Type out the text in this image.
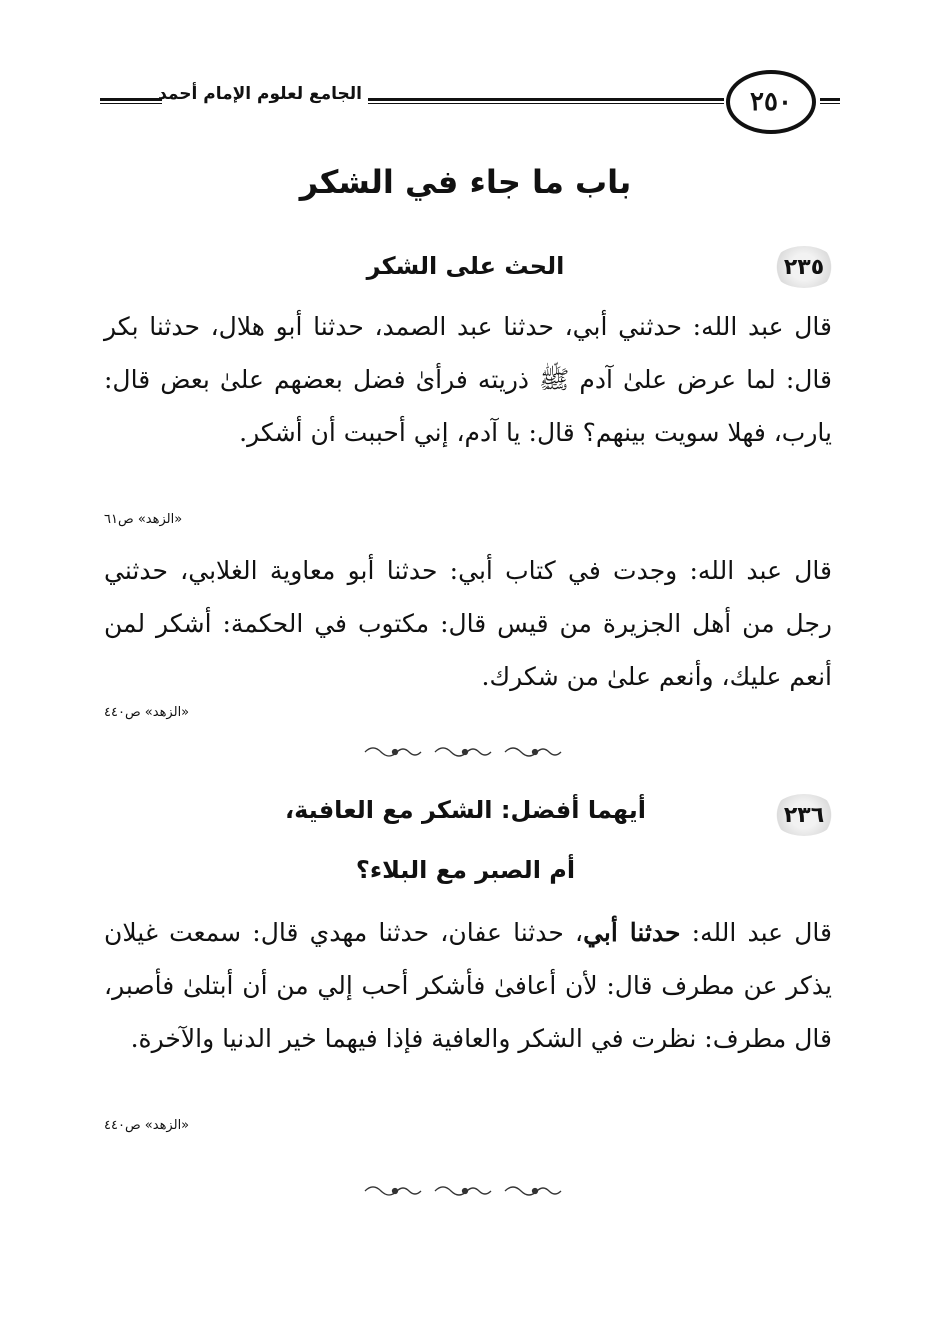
٢٥٠
الجامع لعلوم الإمام أحمد
باب ما جاء في الشكر
٢٣٥
الحث على الشكر

قال عبد الله: حدثني أبي، حدثنا عبد الصمد، حدثنا أبو هلال، حدثنا بكر قال: لما عرض علىٰ آدم ﷺ ذريته فرأىٰ فضل بعضهم علىٰ بعض قال: يارب، فهلا سويت بينهم؟ قال: يا آدم، إني أحببت أن أشكر.

«الزهد» ص٦١

قال عبد الله: وجدت في كتاب أبي: حدثنا أبو معاوية الغلابي، حدثني رجل من أهل الجزيرة من قيس قال: مكتوب في الحكمة: أشكر لمن أنعم عليك، وأنعم علىٰ من شكرك.

«الزهد» ص٤٤٠
٢٣٦
أيهما أفضل: الشكر مع العافية،
أم الصبر مع البلاء؟

قال عبد الله: حدثنا أبي، حدثنا عفان، حدثنا مهدي قال: سمعت غيلان يذكر عن مطرف قال: لأن أعافىٰ فأشكر أحب إلي من أن أبتلىٰ فأصبر، قال مطرف: نظرت في الشكر والعافية فإذا فيهما خير الدنيا والآخرة.

«الزهد» ص٤٤٠
